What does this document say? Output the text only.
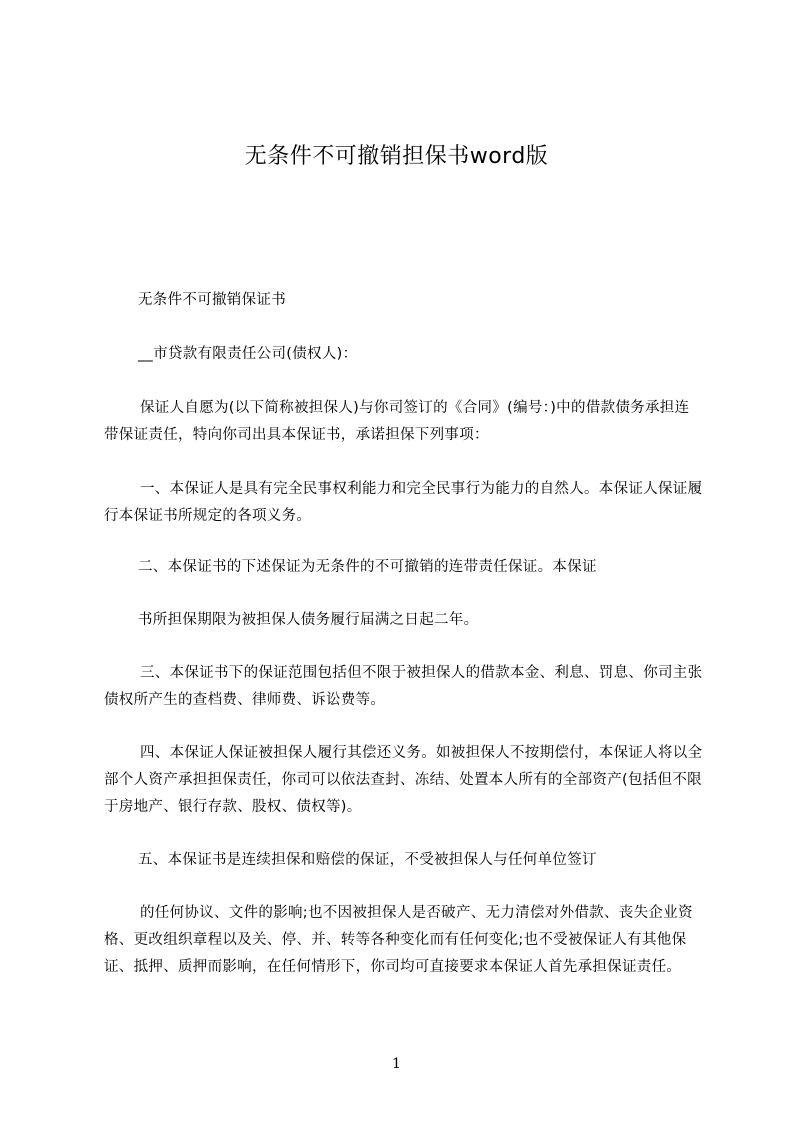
无条件不可撤销担保书word版
无条件不可撤销保证书
__市贷款有限责任公司(债权人)：
保证人自愿为(以下简称被担保人)与你司签订的《合同》(编号：)中的借款债务承担连带保证责任，特向你司出具本保证书，承诺担保下列事项：
一、本保证人是具有完全民事权利能力和完全民事行为能力的自然人。本保证人保证履行本保证书所规定的各项义务。
二、本保证书的下述保证为无条件的不可撤销的连带责任保证。本保证
书所担保期限为被担保人债务履行届满之日起二年。
三、本保证书下的保证范围包括但不限于被担保人的借款本金、利息、罚息、你司主张债权所产生的查档费、律师费、诉讼费等。
四、本保证人保证被担保人履行其偿还义务。如被担保人不按期偿付，本保证人将以全部个人资产承担担保责任，你司可以依法查封、冻结、处置本人所有的全部资产(包括但不限于房地产、银行存款、股权、债权等)。
五、本保证书是连续担保和赔偿的保证，不受被担保人与任何单位签订
的任何协议、文件的影响;也不因被担保人是否破产、无力清偿对外借款、丧失企业资格、更改组织章程以及关、停、并、转等各种变化而有任何变化;也不受被保证人有其他保证、抵押、质押而影响，在任何情形下，你司均可直接要求本保证人首先承担保证责任。
1
